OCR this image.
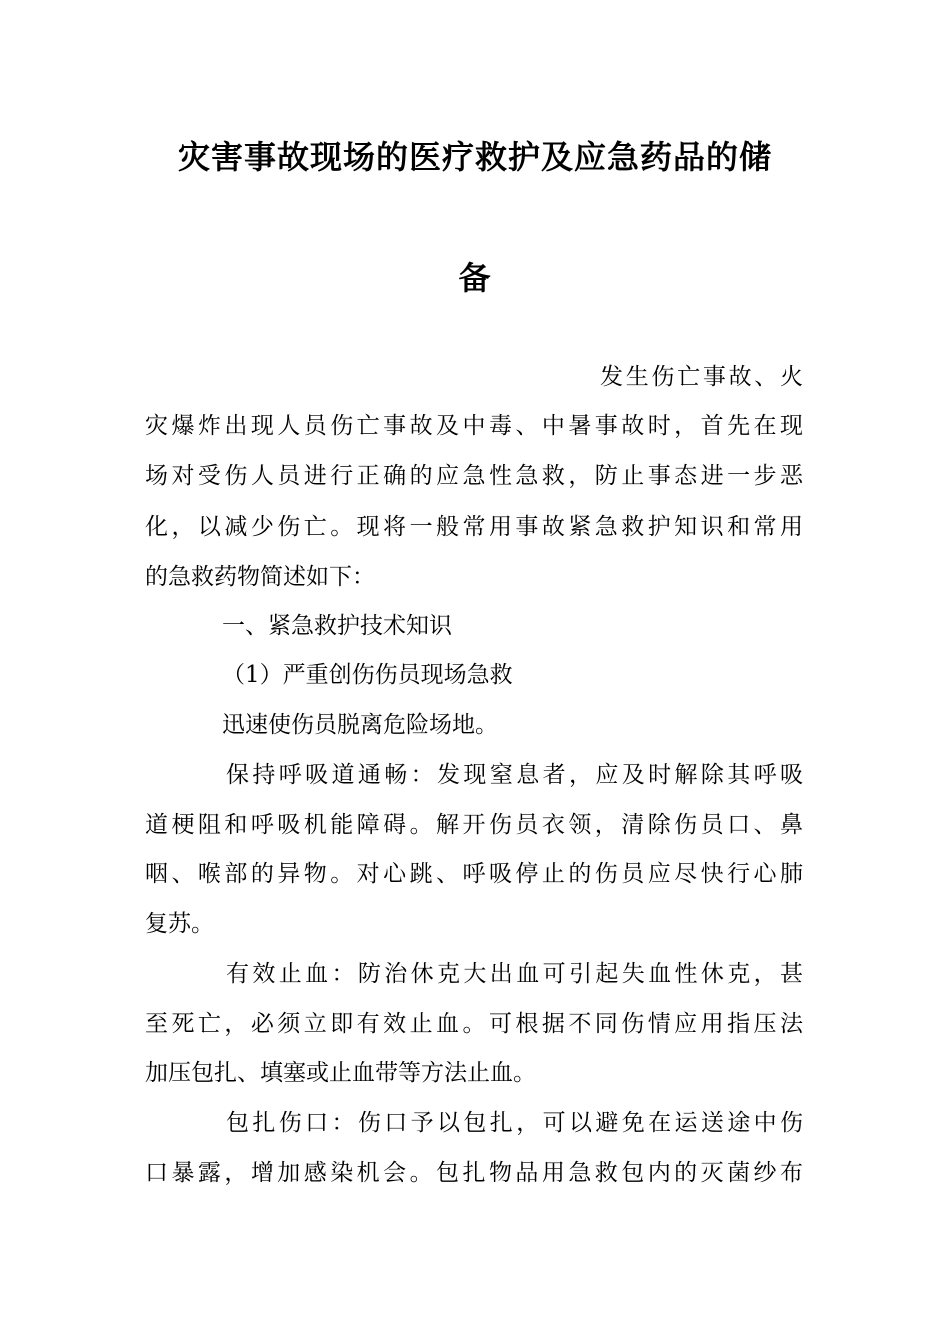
灾害事故现场的医疗救护及应急药品的储
备
发生伤亡事故、火
灾爆炸出现人员伤亡事故及中毒、中暑事故时，首先在现
场对受伤人员进行正确的应急性急救，防止事态进一步恶
化，以减少伤亡。现将一般常用事故紧急救护知识和常用
的急救药物简述如下：
一、紧急救护技术知识
（1）严重创伤伤员现场急救
迅速使伤员脱离危险场地。
保持呼吸道通畅：发现窒息者，应及时解除其呼吸
道梗阻和呼吸机能障碍。解开伤员衣领，清除伤员口、鼻
咽、喉部的异物。对心跳、呼吸停止的伤员应尽快行心肺
复苏。
有效止血：防治休克大出血可引起失血性休克，甚
至死亡，必须立即有效止血。可根据不同伤情应用指压法
加压包扎、填塞或止血带等方法止血。
包扎伤口：伤口予以包扎，可以避免在运送途中伤
口暴露，增加感染机会。包扎物品用急救包内的灭菌纱布
